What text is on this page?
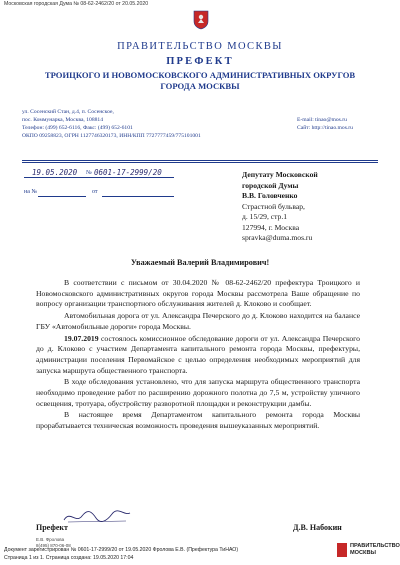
Московская городская Дума № 08-62-2462/20 от 20.05.2020
ПРАВИТЕЛЬСТВО МОСКВЫ
ПРЕФЕКТ
ТРОИЦКОГО И НОВОМОСКОВСКОГО АДМИНИСТРАТИВНЫХ ОКРУГОВ
ГОРОДА МОСКВЫ
ул. Сосенский Стан, д.4, п. Сосенское,
пос. Коммунарка, Москва, 108814
Телефон: (499) 652-6116, Факс: (499) 652-6101
ОКПО 09258823, ОГРН 1127746320173, ИНН/КПП 7727777459/775101001
E-mail: tinao@mos.ru
Сайт: http://tinao.mos.ru
19.05.2020 № 0601-17-2999/20
на №	от
Депутату Московской
городской Думы
В.В. Головченко
Страстной бульвар,
д. 15/29, стр.1
127994, г. Москва
spravka@duma.mos.ru
Уважаемый Валерий Владимирович!

В соответствии с письмом от 30.04.2020 № 08-62-2462/20 префектура Троицкого и Новомосковского административных округов города Москвы рассмотрела Ваше обращение по вопросу организации транспортного обслуживания жителей д. Клоково и сообщает.

Автомобильная дорога от ул. Александра Печерского до д. Клоково находится на балансе ГБУ «Автомобильные дороги» города Москвы.

19.07.2019 состоялось комиссионное обследование дороги от ул. Александра Печерского до д. Клоково с участием Департамента капитального ремонта города Москвы, префектуры, администрации поселения Первомайское с целью определения необходимых мероприятий для запуска маршрута общественного транспорта.

В ходе обследования установлено, что для запуска маршрута общественного транспорта необходимо проведение работ по расширению дорожного полотна до 7,5 м, устройству уличного освещения, тротуара, обустройству разворотной площадки и реконструкции дамбы.

В настоящее время Департаментом капитального ремонта города Москвы прорабатывается техническая возможность проведения вышеуказанных мероприятий.

Префект	Д.В. Набокин
Е.В. Фролова
8(495) 870-06-08
Документ зарегистрирован № 0601-17-2999/20 от 19.05.2020 Фролова Е.В. (Префектура ТиНАО)
Страница 1 из 1. Страница создана: 19.05.2020 17:04
ПРАВИТЕЛЬСТВО
МОСКВЫ
